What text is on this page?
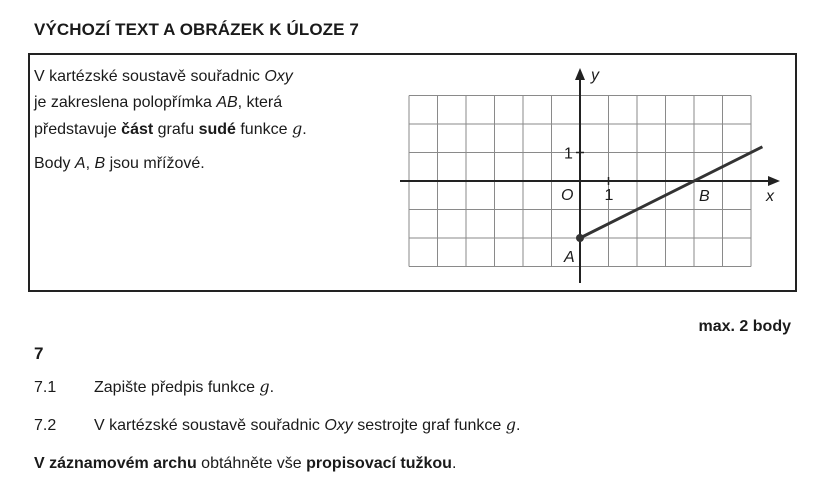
VÝCHOZÍ TEXT A OBRÁZEK K ÚLOZE 7

V kartézské soustavě souřadnic Oxy
je zakreslena polopřímka AB, která
představuje část grafu sudé funkce g.

Body A, B jsou mřížové.

y
x
O 1
1
A
B
max. 2 body
7
7.1 Zapište předpis funkce g.
7.2 V kartézské soustavě souřadnic Oxy sestrojte graf funkce g.
V záznamovém archu obtáhněte vše propisovací tužkou.
